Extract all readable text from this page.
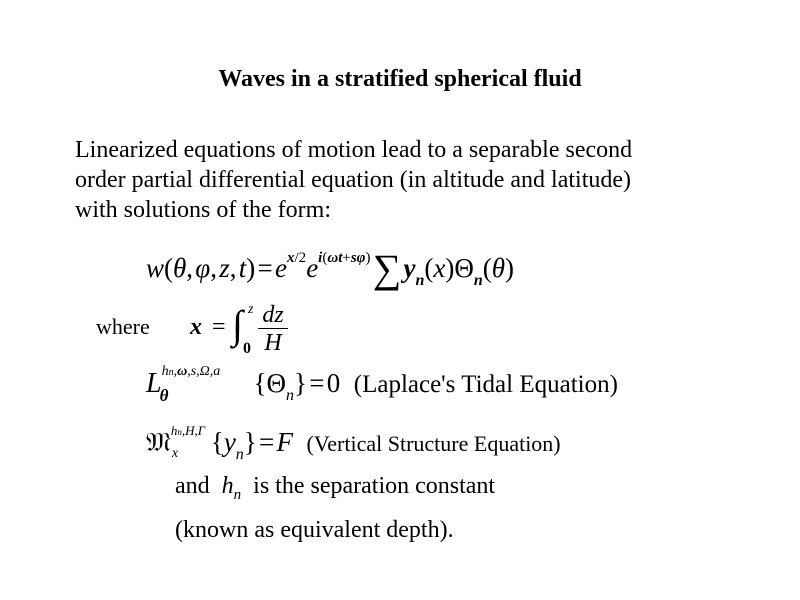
Waves in a stratified spherical fluid
Linearized equations of motion lead to a separable second
order partial differential equation (in altitude and latitude)
with solutions of the form:
w(θ, φ, z, t) = $e^{x/2}e^{i(\omega t+s\varphi)}$ ∑ $y_n(x)\Theta_n(\theta)$
where x = ∫ z
0
dz
H
L hn,ω,s,Ω,a
θ	$\{\Theta_n\}$ = 0  (Laplace's Tidal Equation)
𝔐 hn,H,Γ
x $\{y_n\}$ = F (Vertical Structure Equation)
and $h_n$ is the separation constant
(known as equivalent depth).
